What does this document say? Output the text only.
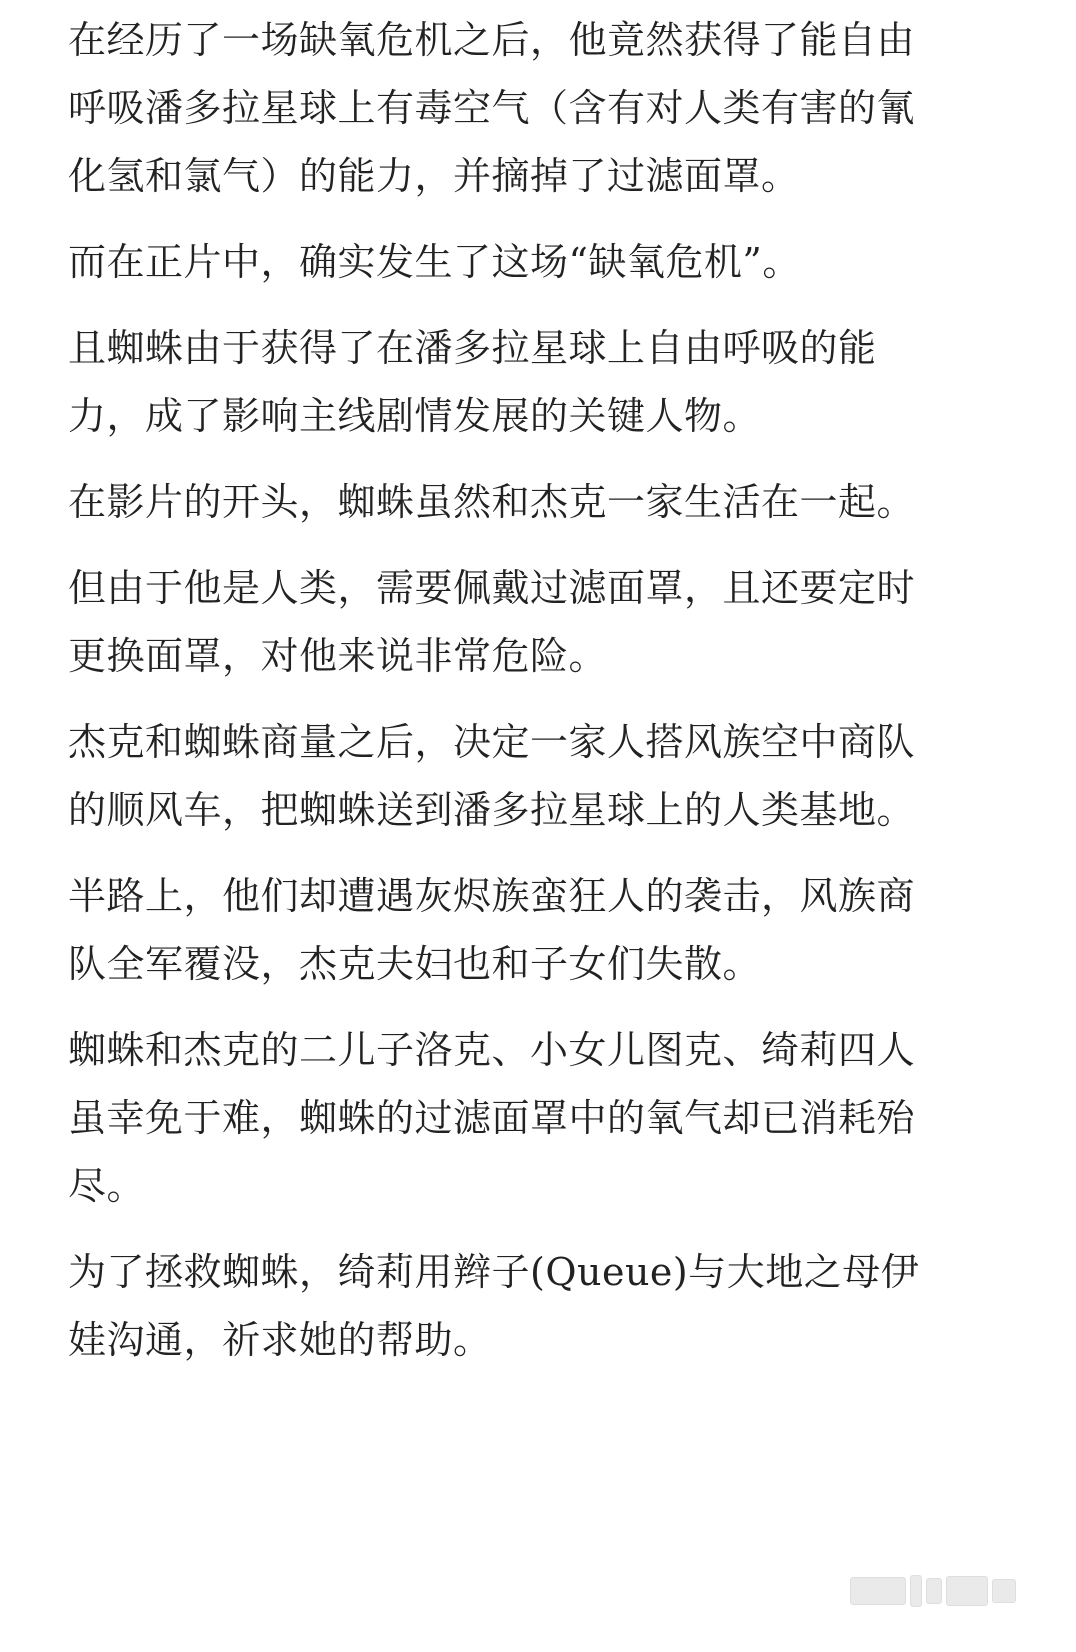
在经历了一场缺氧危机之后，他竟然获得了能自由呼吸潘多拉星球上有毒空气（含有对人类有害的氰化氢和氯气）的能力，并摘掉了过滤面罩。

而在正片中，确实发生了这场“缺氧危机”。

且蜘蛛由于获得了在潘多拉星球上自由呼吸的能力，成了影响主线剧情发展的关键人物。

在影片的开头，蜘蛛虽然和杰克一家生活在一起。

但由于他是人类，需要佩戴过滤面罩，且还要定时更换面罩，对他来说非常危险。

杰克和蜘蛛商量之后，决定一家人搭风族空中商队的顺风车，把蜘蛛送到潘多拉星球上的人类基地。

半路上，他们却遭遇灰烬族蛮狂人的袭击，风族商队全军覆没，杰克夫妇也和子女们失散。

蜘蛛和杰克的二儿子洛克、小女儿图克、绮莉四人虽幸免于难，蜘蛛的过滤面罩中的氧气却已消耗殆尽。

为了拯救蜘蛛，绮莉用辫子(Queue)与大地之母伊娃沟通，祈求她的帮助。
